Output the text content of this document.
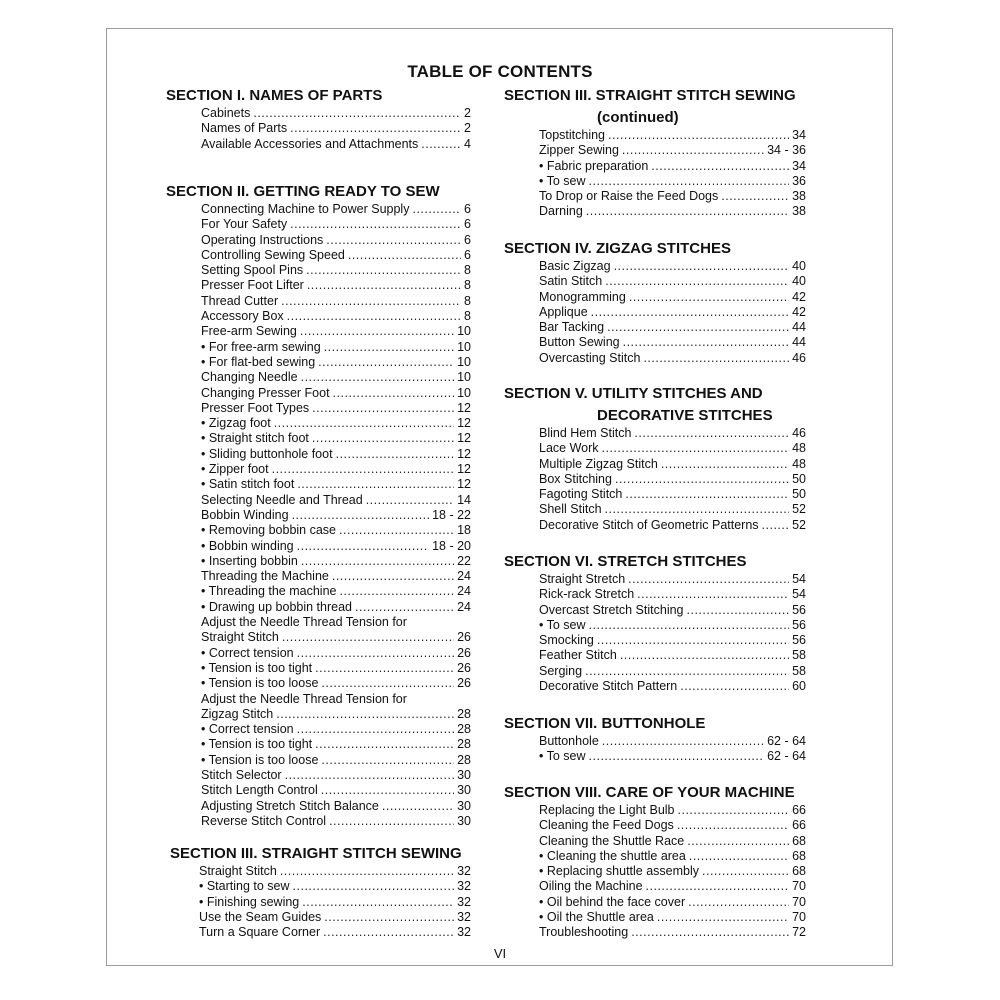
TABLE OF CONTENTS
SECTION I. NAMES OF PARTS
Cabinets .....	2
Names of Parts .....	2
Available Accessories and Attachments .....	4
SECTION II. GETTING READY TO SEW
Connecting Machine to Power Supply .....	6
For Your Safety .....	6
Operating Instructions .....	6
Controlling Sewing Speed .....	6
Setting Spool Pins .....	8
Presser Foot Lifter .....	8
Thread Cutter .....	8
Accessory Box .....	8
Free-arm Sewing .....	10
• For free-arm sewing .....	10
• For flat-bed sewing .....	10
Changing Needle .....	10
Changing Presser Foot .....	10
Presser Foot Types .....	12
• Zigzag foot .....	12
• Straight stitch foot .....	12
• Sliding buttonhole foot .....	12
• Zipper foot .....	12
• Satin stitch foot .....	12
Selecting Needle and Thread .....	14
Bobbin Winding .....	18 - 22
• Removing bobbin case .....	18
• Bobbin winding .....	18 - 20
• Inserting bobbin .....	22
Threading the Machine .....	24
• Threading the machine .....	24
• Drawing up bobbin thread .....	24
Adjust the Needle Thread Tension for
Straight Stitch .....	26
• Correct tension .....	26
• Tension is too tight .....	26
• Tension is too loose .....	26
Adjust the Needle Thread Tension for
Zigzag Stitch .....	28
• Correct tension .....	28
• Tension is too tight .....	28
• Tension is too loose .....	28
Stitch Selector .....	30
Stitch Length Control .....	30
Adjusting Stretch Stitch Balance .....	30
Reverse Stitch Control .....	30
SECTION III. STRAIGHT STITCH SEWING
Straight Stitch .....	32
• Starting to sew .....	32
• Finishing sewing .....	32
Use the Seam Guides .....	32
Turn a Square Corner .....	32
SECTION III. STRAIGHT STITCH SEWING
(continued)
Topstitching .....	34
Zipper Sewing .....	34 - 36
• Fabric preparation .....	34
• To sew .....	36
To Drop or Raise the Feed Dogs .....	38
Darning .....	38
SECTION IV. ZIGZAG STITCHES
Basic Zigzag .....	40
Satin Stitch .....	40
Monogramming .....	42
Applique .....	42
Bar Tacking .....	44
Button Sewing .....	44
Overcasting Stitch .....	46
SECTION V. UTILITY STITCHES AND
DECORATIVE STITCHES
Blind Hem Stitch .....	46
Lace Work .....	48
Multiple Zigzag Stitch .....	48
Box Stitching .....	50
Fagoting Stitch .....	50
Shell Stitch .....	52
Decorative Stitch of Geometric Patterns .....	52
SECTION VI. STRETCH STITCHES
Straight Stretch .....	54
Rick-rack Stretch .....	54
Overcast Stretch Stitching .....	56
• To sew .....	56
Smocking .....	56
Feather Stitch .....	58
Serging .....	58
Decorative Stitch Pattern .....	60
SECTION VII. BUTTONHOLE
Buttonhole .....	62 - 64
• To sew .....	62 - 64
SECTION VIII. CARE OF YOUR MACHINE
Replacing the Light Bulb .....	66
Cleaning the Feed Dogs .....	66
Cleaning the Shuttle Race .....	68
• Cleaning the shuttle area .....	68
• Replacing shuttle assembly .....	68
Oiling the Machine .....	70
• Oil behind the face cover .....	70
• Oil the Shuttle area .....	70
Troubleshooting .....	72
VI
